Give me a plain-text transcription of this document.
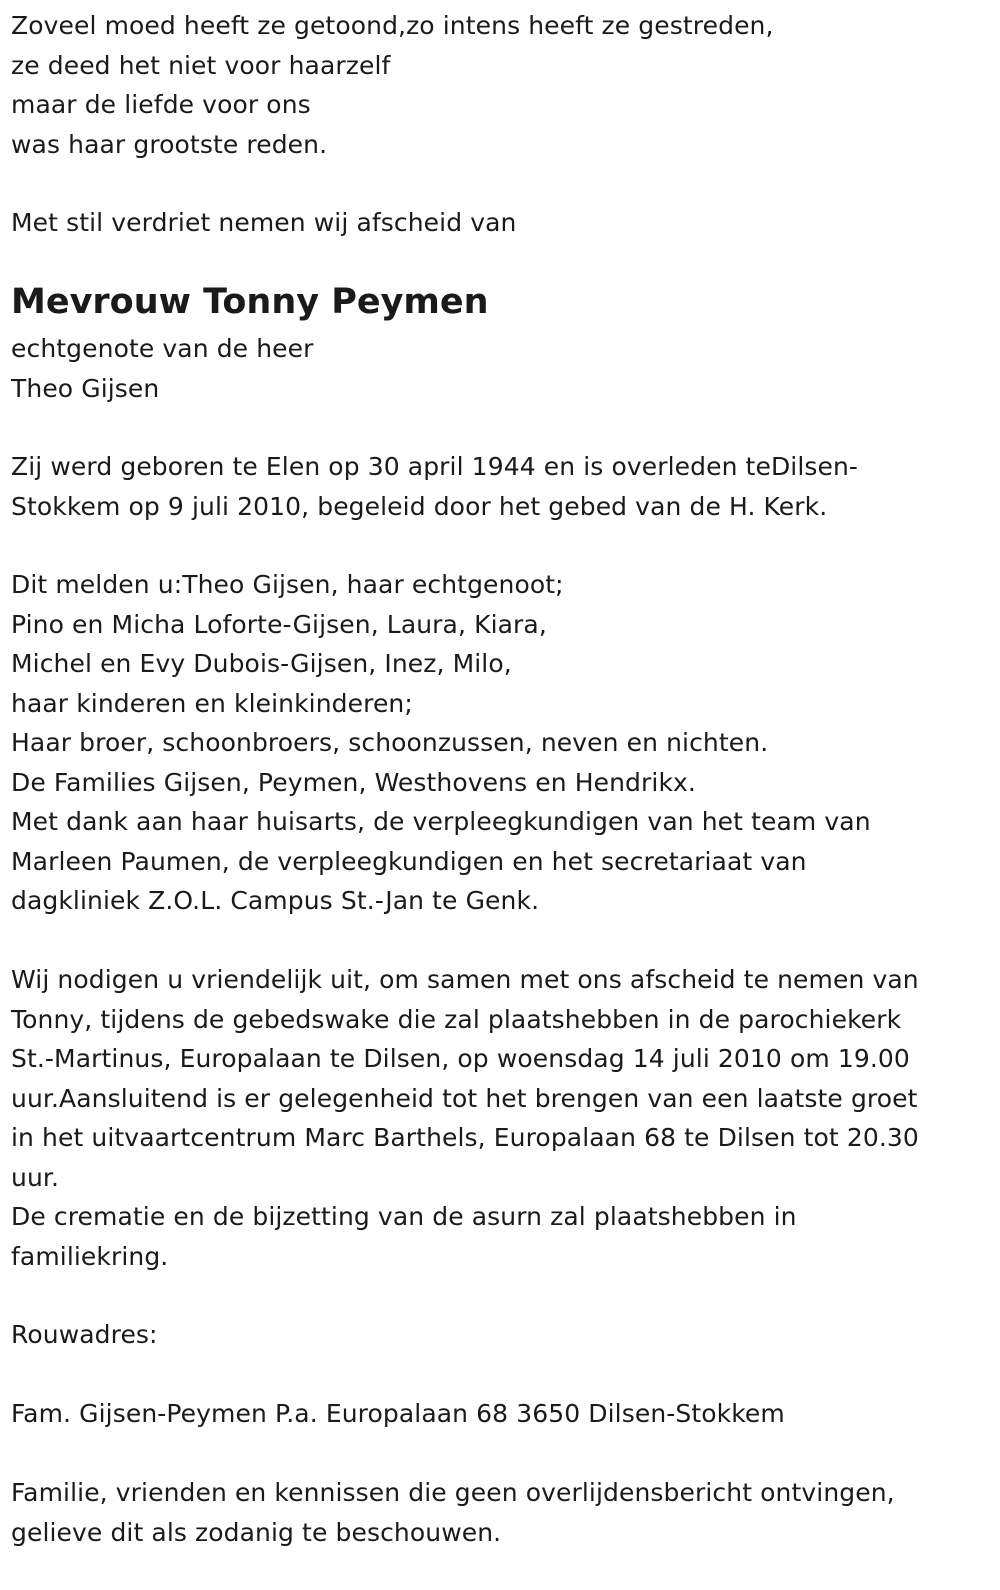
Zoveel moed heeft ze getoond,zo intens heeft ze gestreden,
ze deed het niet voor haarzelf
maar de liefde voor ons
was haar grootste reden.
Met stil verdriet nemen wij afscheid van
Mevrouw Tonny Peymen
echtgenote van de heer
Theo Gijsen
Zij werd geboren te Elen op 30 april 1944 en is overleden teDilsen-
Stokkem op 9 juli 2010, begeleid door het gebed van de H. Kerk.
Dit melden u:Theo Gijsen, haar echtgenoot;
Pino en Micha Loforte-Gijsen, Laura, Kiara,
Michel en Evy Dubois-Gijsen, Inez, Milo,
haar kinderen en kleinkinderen;
Haar broer, schoonbroers, schoonzussen, neven en nichten.
De Families Gijsen, Peymen, Westhovens en Hendrikx.
Met dank aan haar huisarts, de verpleegkundigen van het team van
Marleen Paumen, de verpleegkundigen en het secretariaat van
dagkliniek Z.O.L. Campus St.-Jan te Genk.
Wij nodigen u vriendelijk uit, om samen met ons afscheid te nemen van
Tonny, tijdens de gebedswake die zal plaatshebben in de parochiekerk
St.-Martinus, Europalaan te Dilsen, op woensdag 14 juli 2010 om 19.00
uur.Aansluitend is er gelegenheid tot het brengen van een laatste groet
in het uitvaartcentrum Marc Barthels, Europalaan 68 te Dilsen tot 20.30
uur.
De crematie en de bijzetting van de asurn zal plaatshebben in
familiekring.
Rouwadres:
Fam. Gijsen-Peymen P.a. Europalaan 68 3650 Dilsen-Stokkem
Familie, vrienden en kennissen die geen overlijdensbericht ontvingen,
gelieve dit als zodanig te beschouwen.
